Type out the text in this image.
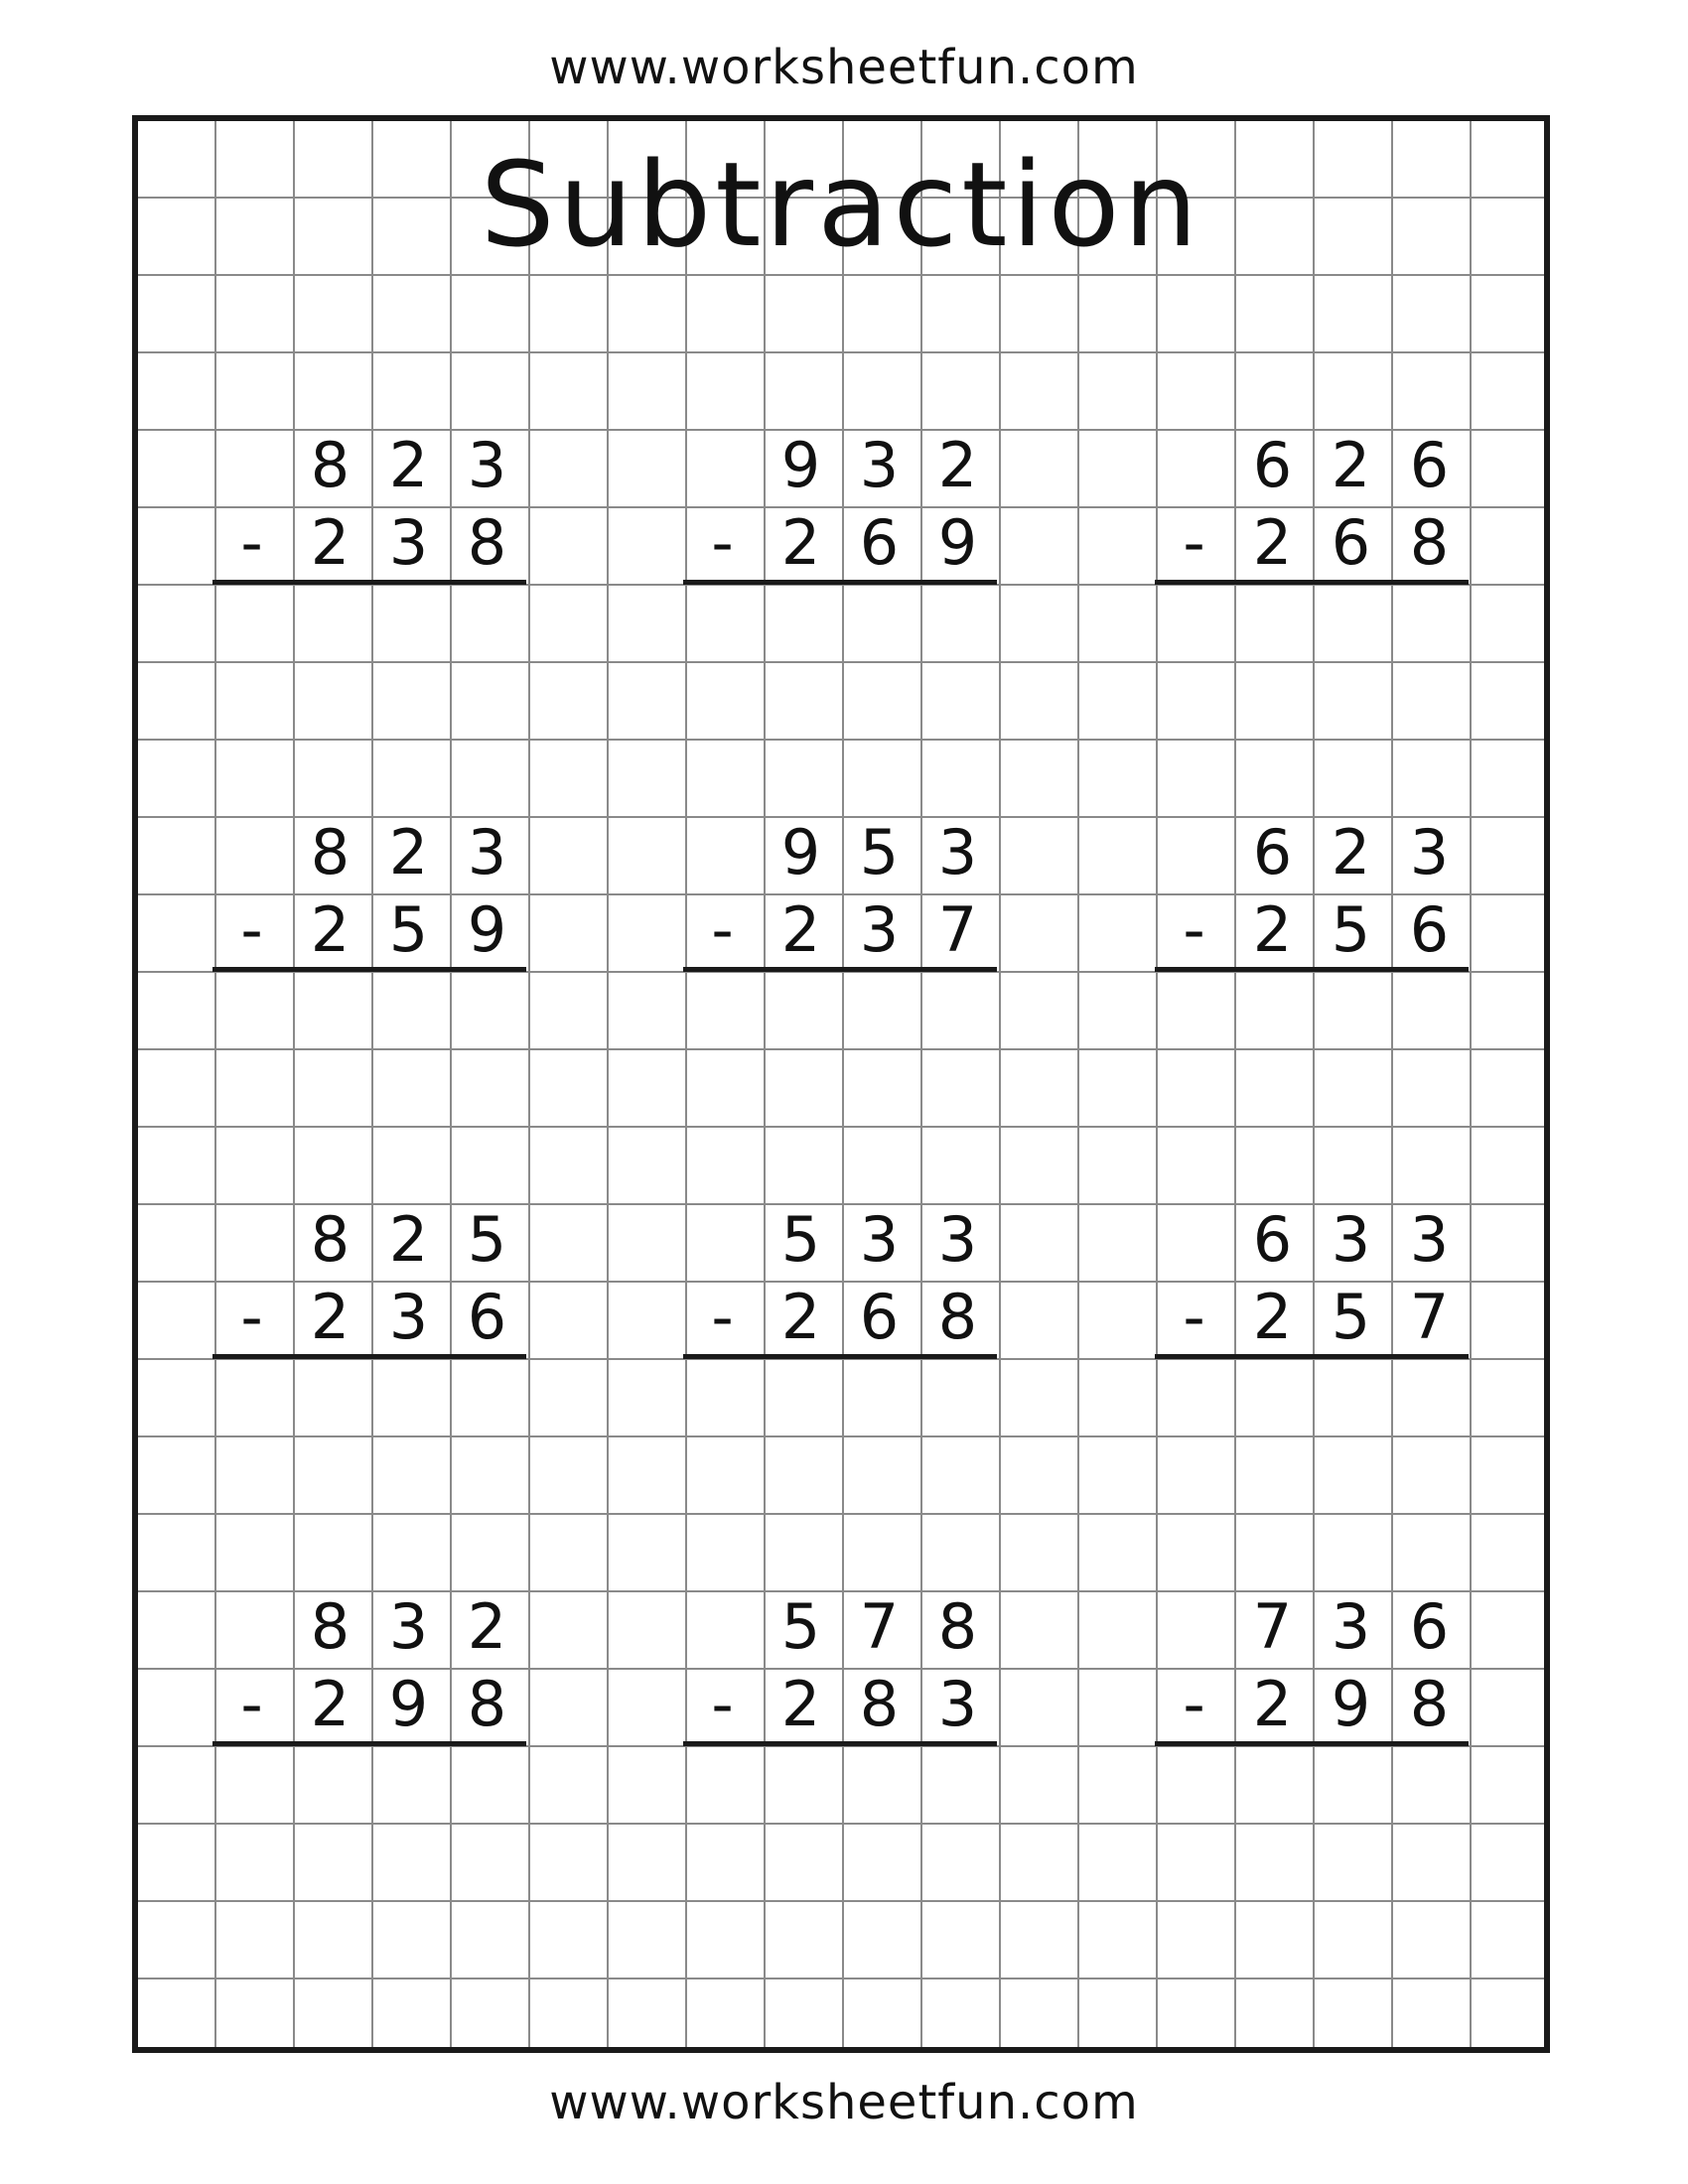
www.worksheetfun.com
Subtraction
8 2 3
- 2 3 8
9 3 2
- 2 6 9
6 2 6
- 2 6 8
8 2 3
- 2 5 9
9 5 3
- 2 3 7
6 2 3
- 2 5 6
8 2 5
- 2 3 6
5 3 3
- 2 6 8
6 3 3
- 2 5 7
8 3 2
- 2 9 8
5 7 8
- 2 8 3
7 3 6
- 2 9 8
www.worksheetfun.com
